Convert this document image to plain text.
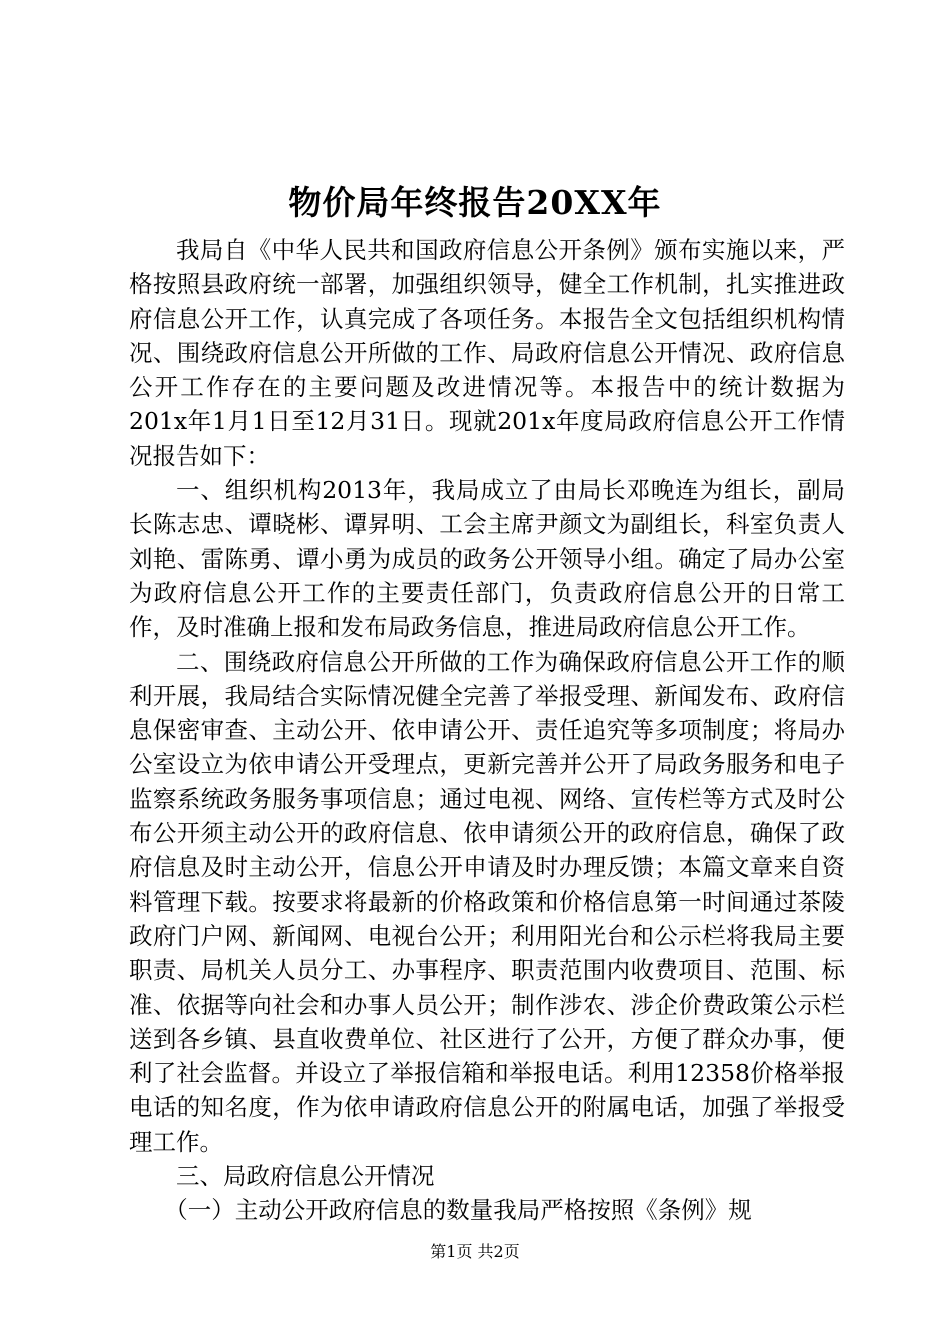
物价局年终报告20XX年

我局自《中华人民共和国政府信息公开条例》颁布实施以来，严格按照县政府统一部署，加强组织领导，健全工作机制，扎实推进政府信息公开工作，认真完成了各项任务。本报告全文包括组织机构情况、围绕政府信息公开所做的工作、局政府信息公开情况、政府信息公开工作存在的主要问题及改进情况等。本报告中的统计数据为201x年1月1日至12月31日。现就201x年度局政府信息公开工作情况报告如下：

一、组织机构2013年，我局成立了由局长邓晚连为组长，副局长陈志忠、谭晓彬、谭昇明、工会主席尹颜文为副组长，科室负责人刘艳、雷陈勇、谭小勇为成员的政务公开领导小组。确定了局办公室为政府信息公开工作的主要责任部门，负责政府信息公开的日常工作，及时准确上报和发布局政务信息，推进局政府信息公开工作。

二、围绕政府信息公开所做的工作为确保政府信息公开工作的顺利开展，我局结合实际情况健全完善了举报受理、新闻发布、政府信息保密审查、主动公开、依申请公开、责任追究等多项制度；将局办公室设立为依申请公开受理点，更新完善并公开了局政务服务和电子监察系统政务服务事项信息；通过电视、网络、宣传栏等方式及时公布公开须主动公开的政府信息、依申请须公开的政府信息，确保了政府信息及时主动公开，信息公开申请及时办理反馈；本篇文章来自资料管理下载。按要求将最新的价格政策和价格信息第一时间通过茶陵政府门户网、新闻网、电视台公开；利用阳光台和公示栏将我局主要职责、局机关人员分工、办事程序、职责范围内收费项目、范围、标准、依据等向社会和办事人员公开；制作涉农、涉企价费政策公示栏送到各乡镇、县直收费单位、社区进行了公开，方便了群众办事，便利了社会监督。并设立了举报信箱和举报电话。利用12358价格举报电话的知名度，作为依申请政府信息公开的附属电话，加强了举报受理工作。

三、局政府信息公开情况

（一）主动公开政府信息的数量我局严格按照《条例》规

第1页 共2页
